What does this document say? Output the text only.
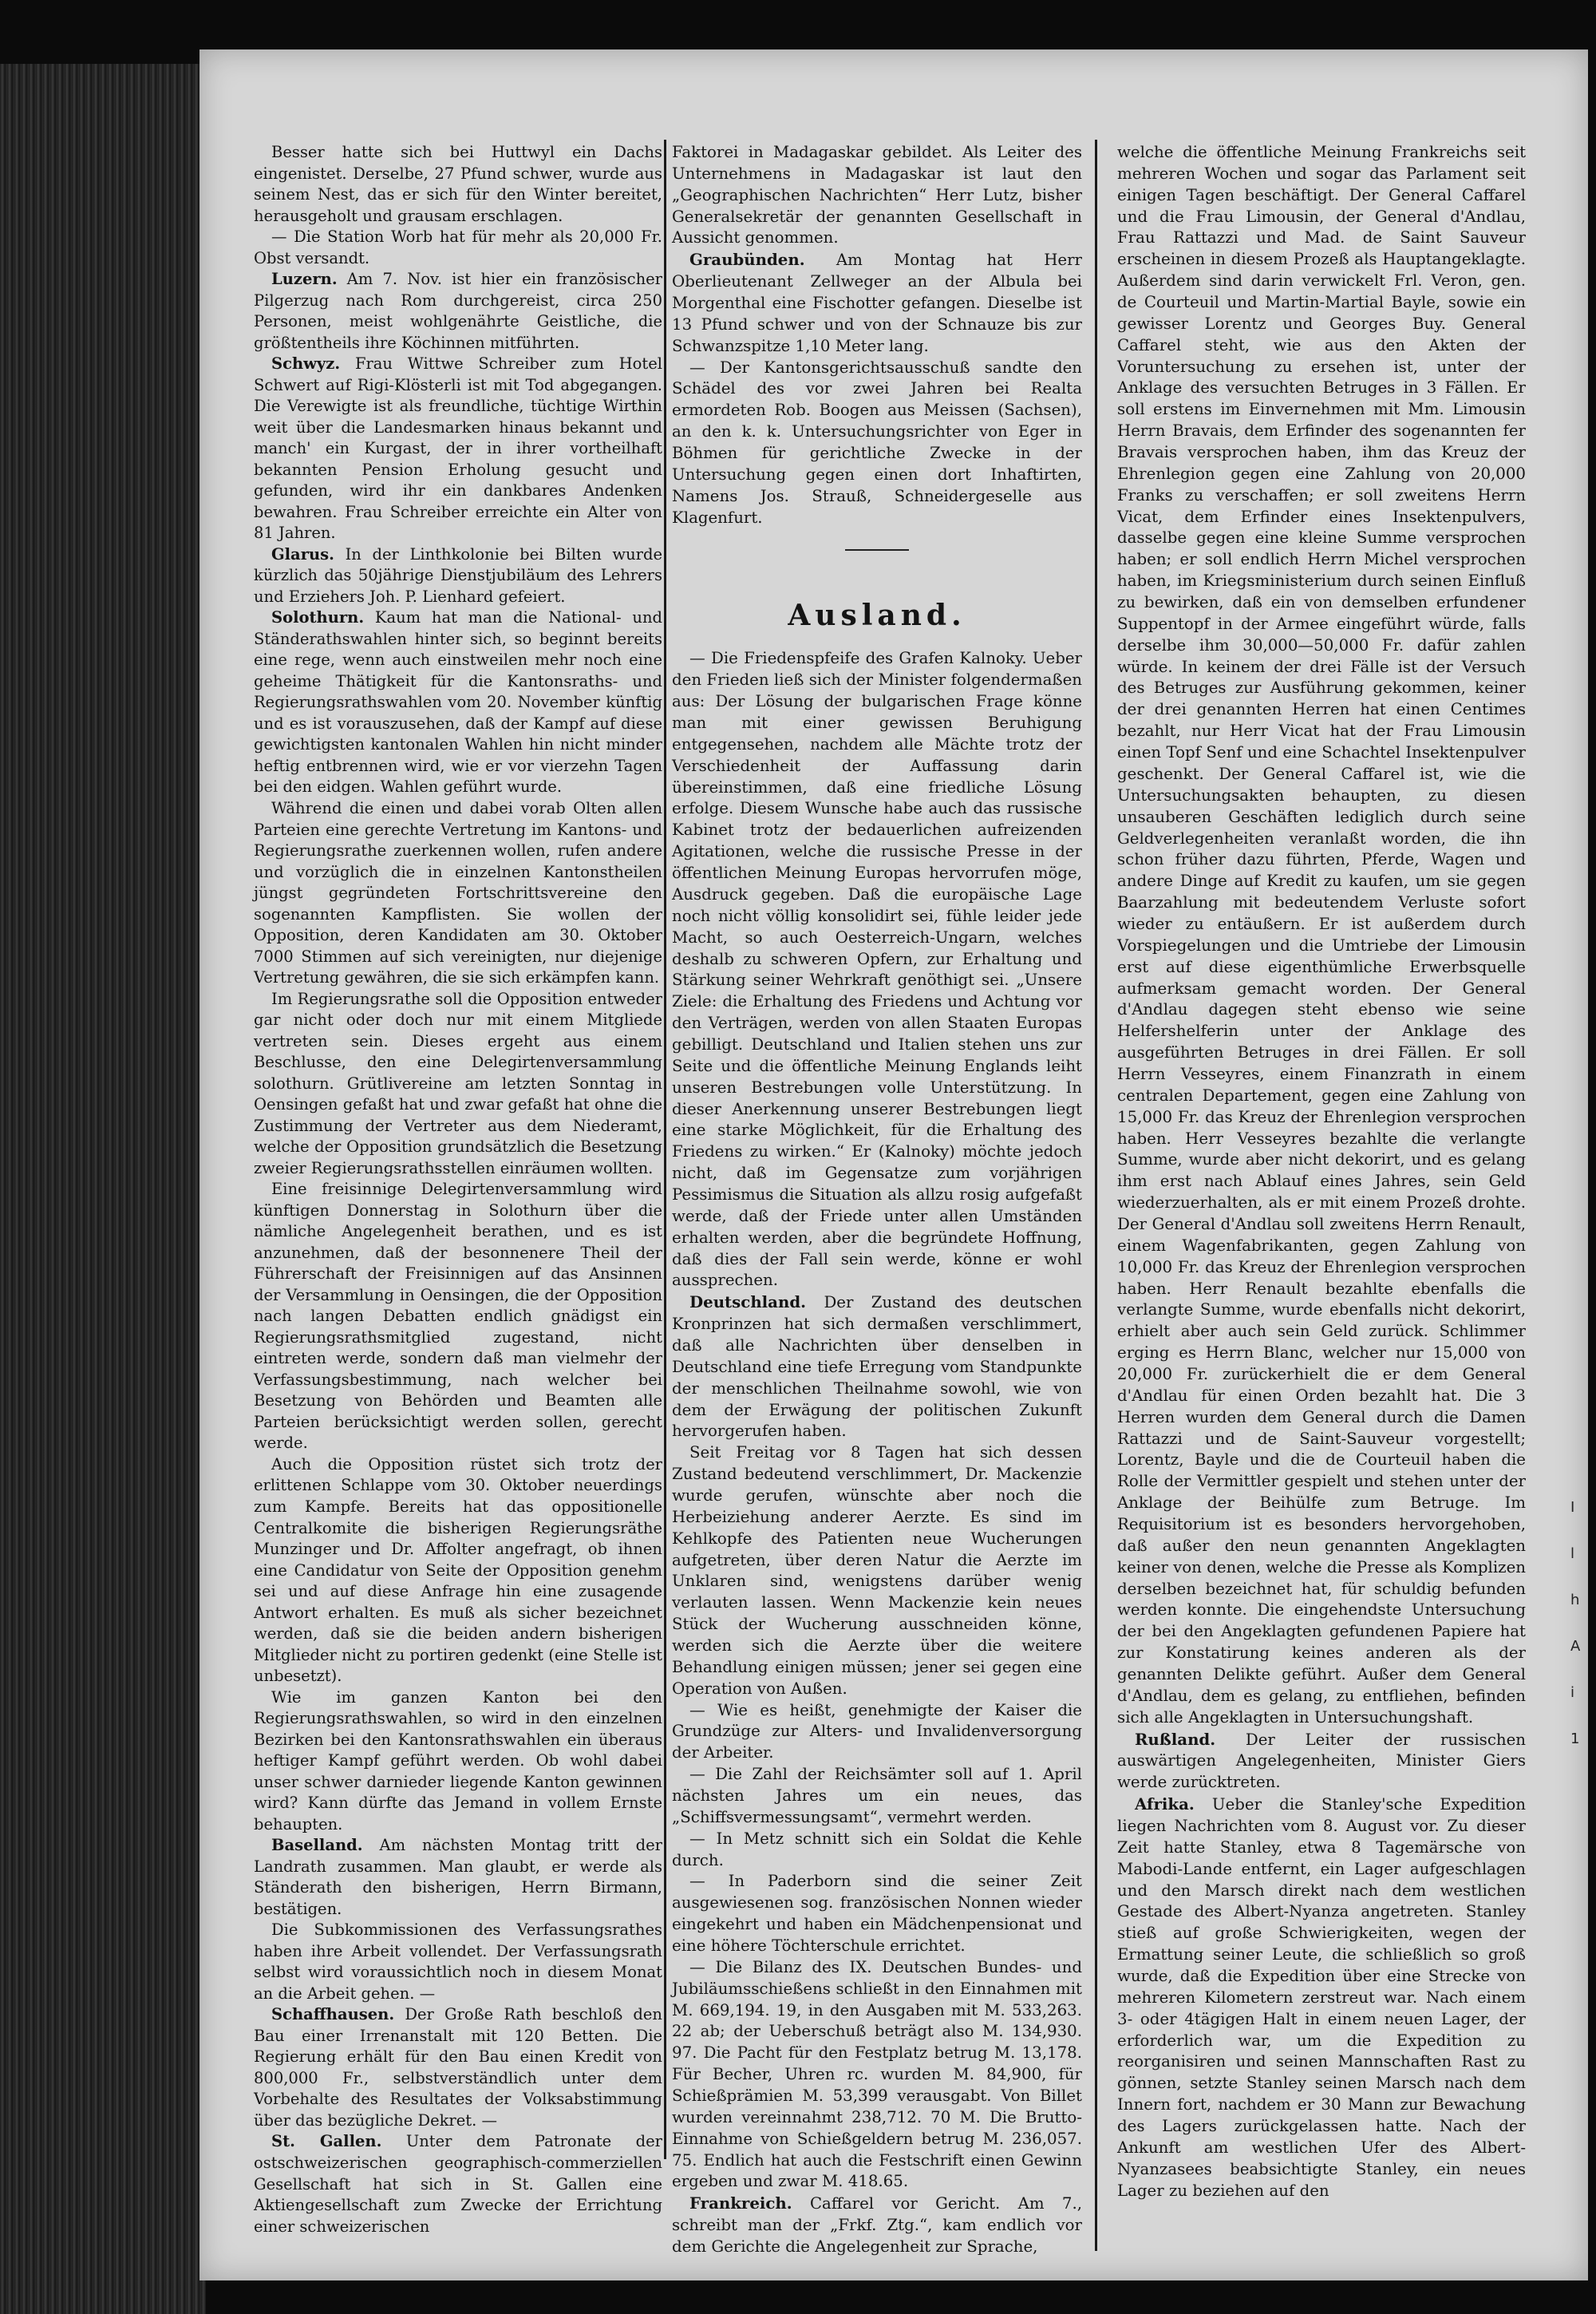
Besser hatte sich bei Huttwyl ein Dachs eingenistet. Derselbe, 27 Pfund schwer, wurde aus seinem Nest, das er sich für den Winter bereitet, herausgeholt und grausam erschlagen.

— Die Station Worb hat für mehr als 20,000 Fr. Obst versandt.

Luzern. Am 7. Nov. ist hier ein französischer Pilgerzug nach Rom durchgereist, circa 250 Personen, meist wohlgenährte Geistliche, die größtentheils ihre Köchinnen mitführten.

Schwyz. Frau Wittwe Schreiber zum Hotel Schwert auf Rigi-Klösterli ist mit Tod abgegangen. Die Verewigte ist als freundliche, tüchtige Wirthin weit über die Landesmarken hinaus bekannt und manch' ein Kurgast, der in ihrer vortheilhaft bekannten Pension Erholung gesucht und gefunden, wird ihr ein dankbares Andenken bewahren. Frau Schreiber erreichte ein Alter von 81 Jahren.

Glarus. In der Linthkolonie bei Bilten wurde kürzlich das 50jährige Dienstjubiläum des Lehrers und Erziehers Joh. P. Lienhard gefeiert.

Solothurn. Kaum hat man die National- und Ständerathswahlen hinter sich, so beginnt bereits eine rege, wenn auch einstweilen mehr noch eine geheime Thätigkeit für die Kantonsraths- und Regierungsrathswahlen vom 20. November künftig und es ist vorauszusehen, daß der Kampf auf diese gewichtigsten kantonalen Wahlen hin nicht minder heftig entbrennen wird, wie er vor vierzehn Tagen bei den eidgen. Wahlen geführt wurde.

Während die einen und dabei vorab Olten allen Parteien eine gerechte Vertretung im Kantons- und Regierungsrathe zuerkennen wollen, rufen andere und vorzüglich die in einzelnen Kantonstheilen jüngst gegründeten Fortschrittsvereine den sogenannten Kampflisten. Sie wollen der Opposition, deren Kandidaten am 30. Oktober 7000 Stimmen auf sich vereinigten, nur diejenige Vertretung gewähren, die sie sich erkämpfen kann.

Im Regierungsrathe soll die Opposition entweder gar nicht oder doch nur mit einem Mitgliede vertreten sein. Dieses ergeht aus einem Beschlusse, den eine Delegirtenversammlung solothurn. Grütlivereine am letzten Sonntag in Oensingen gefaßt hat und zwar gefaßt hat ohne die Zustimmung der Vertreter aus dem Niederamt, welche der Opposition grundsätzlich die Besetzung zweier Regierungsrathsstellen einräumen wollten.

Eine freisinnige Delegirtenversammlung wird künftigen Donnerstag in Solothurn über die nämliche Angelegenheit berathen, und es ist anzunehmen, daß der besonnenere Theil der Führerschaft der Freisinnigen auf das Ansinnen der Versammlung in Oensingen, die der Opposition nach langen Debatten endlich gnädigst ein Regierungsrathsmitglied zugestand, nicht eintreten werde, sondern daß man vielmehr der Verfassungsbestimmung, nach welcher bei Besetzung von Behörden und Beamten alle Parteien berücksichtigt werden sollen, gerecht werde.

Auch die Opposition rüstet sich trotz der erlittenen Schlappe vom 30. Oktober neuerdings zum Kampfe. Bereits hat das oppositionelle Centralkomite die bisherigen Regierungsräthe Munzinger und Dr. Affolter angefragt, ob ihnen eine Candidatur von Seite der Opposition genehm sei und auf diese Anfrage hin eine zusagende Antwort erhalten. Es muß als sicher bezeichnet werden, daß sie die beiden andern bisherigen Mitglieder nicht zu portiren gedenkt (eine Stelle ist unbesetzt).

Wie im ganzen Kanton bei den Regierungsrathswahlen, so wird in den einzelnen Bezirken bei den Kantonsrathswahlen ein überaus heftiger Kampf geführt werden. Ob wohl dabei unser schwer darnieder liegende Kanton gewinnen wird? Kann dürfte das Jemand in vollem Ernste behaupten.

Baselland. Am nächsten Montag tritt der Landrath zusammen. Man glaubt, er werde als Ständerath den bisherigen, Herrn Birmann, bestätigen.

Die Subkommissionen des Verfassungsrathes haben ihre Arbeit vollendet. Der Verfassungsrath selbst wird voraussichtlich noch in diesem Monat an die Arbeit gehen. —

Schaffhausen. Der Große Rath beschloß den Bau einer Irrenanstalt mit 120 Betten. Die Regierung erhält für den Bau einen Kredit von 800,000 Fr., selbstverständlich unter dem Vorbehalte des Resultates der Volksabstimmung über das bezügliche Dekret. —

St. Gallen. Unter dem Patronate der ostschweizerischen geographisch-commerziellen Gesellschaft hat sich in St. Gallen eine Aktiengesellschaft zum Zwecke der Errichtung einer schweizerischen

Faktorei in Madagaskar gebildet. Als Leiter des Unternehmens in Madagaskar ist laut den „Geographischen Nachrichten“ Herr Lutz, bisher Generalsekretär der genannten Gesellschaft in Aussicht genommen.

Graubünden. Am Montag hat Herr Oberlieutenant Zellweger an der Albula bei Morgenthal eine Fischotter gefangen. Dieselbe ist 13 Pfund schwer und von der Schnauze bis zur Schwanzspitze 1,10 Meter lang.

— Der Kantonsgerichtsausschuß sandte den Schädel des vor zwei Jahren bei Realta ermordeten Rob. Boogen aus Meissen (Sachsen), an den k. k. Untersuchungsrichter von Eger in Böhmen für gerichtliche Zwecke in der Untersuchung gegen einen dort Inhaftirten, Namens Jos. Strauß, Schneidergeselle aus Klagenfurt.

Ausland.

— Die Friedenspfeife des Grafen Kalnoky. Ueber den Frieden ließ sich der Minister folgendermaßen aus: Der Lösung der bulgarischen Frage könne man mit einer gewissen Beruhigung entgegensehen, nachdem alle Mächte trotz der Verschiedenheit der Auffassung darin übereinstimmen, daß eine friedliche Lösung erfolge. Diesem Wunsche habe auch das russische Kabinet trotz der bedauerlichen aufreizenden Agitationen, welche die russische Presse in der öffentlichen Meinung Europas hervorrufen möge, Ausdruck gegeben. Daß die europäische Lage noch nicht völlig konsolidirt sei, fühle leider jede Macht, so auch Oesterreich-Ungarn, welches deshalb zu schweren Opfern, zur Erhaltung und Stärkung seiner Wehrkraft genöthigt sei. „Unsere Ziele: die Erhaltung des Friedens und Achtung vor den Verträgen, werden von allen Staaten Europas gebilligt. Deutschland und Italien stehen uns zur Seite und die öffentliche Meinung Englands leiht unseren Bestrebungen volle Unterstützung. In dieser Anerkennung unserer Bestrebungen liegt eine starke Möglichkeit, für die Erhaltung des Friedens zu wirken.“ Er (Kalnoky) möchte jedoch nicht, daß im Gegensatze zum vorjährigen Pessimismus die Situation als allzu rosig aufgefaßt werde, daß der Friede unter allen Umständen erhalten werden, aber die begründete Hoffnung, daß dies der Fall sein werde, könne er wohl aussprechen.

Deutschland. Der Zustand des deutschen Kronprinzen hat sich dermaßen verschlimmert, daß alle Nachrichten über denselben in Deutschland eine tiefe Erregung vom Standpunkte der menschlichen Theilnahme sowohl, wie von dem der Erwägung der politischen Zukunft hervorgerufen haben.

Seit Freitag vor 8 Tagen hat sich dessen Zustand bedeutend verschlimmert, Dr. Mackenzie wurde gerufen, wünschte aber noch die Herbeiziehung anderer Aerzte. Es sind im Kehlkopfe des Patienten neue Wucherungen aufgetreten, über deren Natur die Aerzte im Unklaren sind, wenigstens darüber wenig verlauten lassen. Wenn Mackenzie kein neues Stück der Wucherung ausschneiden könne, werden sich die Aerzte über die weitere Behandlung einigen müssen; jener sei gegen eine Operation von Außen.

— Wie es heißt, genehmigte der Kaiser die Grundzüge zur Alters- und Invalidenversorgung der Arbeiter.

— Die Zahl der Reichsämter soll auf 1. April nächsten Jahres um ein neues, das „Schiffsvermessungsamt“, vermehrt werden.

— In Metz schnitt sich ein Soldat die Kehle durch.

— In Paderborn sind die seiner Zeit ausgewiesenen sog. französischen Nonnen wieder eingekehrt und haben ein Mädchenpensionat und eine höhere Töchterschule errichtet.

— Die Bilanz des IX. Deutschen Bundes- und Jubiläumsschießens schließt in den Einnahmen mit M. 669,194. 19, in den Ausgaben mit M. 533,263. 22 ab; der Ueberschuß beträgt also M. 134,930. 97. Die Pacht für den Festplatz betrug M. 13,178. Für Becher, Uhren rc. wurden M. 84,900, für Schießprämien M. 53,399 verausgabt. Von Billet wurden vereinnahmt 238,712. 70 M. Die Brutto-Einnahme von Schießgeldern betrug M. 236,057. 75. Endlich hat auch die Festschrift einen Gewinn ergeben und zwar M. 418.65.

Frankreich. Caffarel vor Gericht. Am 7., schreibt man der „Frkf. Ztg.“, kam endlich vor dem Gerichte die Angelegenheit zur Sprache,

welche die öffentliche Meinung Frankreichs seit mehreren Wochen und sogar das Parlament seit einigen Tagen beschäftigt. Der General Caffarel und die Frau Limousin, der General d'Andlau, Frau Rattazzi und Mad. de Saint Sauveur erscheinen in diesem Prozeß als Hauptangeklagte. Außerdem sind darin verwickelt Frl. Veron, gen. de Courteuil und Martin-Martial Bayle, sowie ein gewisser Lorentz und Georges Buy. General Caffarel steht, wie aus den Akten der Voruntersuchung zu ersehen ist, unter der Anklage des versuchten Betruges in 3 Fällen. Er soll erstens im Einvernehmen mit Mm. Limousin Herrn Bravais, dem Erfinder des sogenannten fer Bravais versprochen haben, ihm das Kreuz der Ehrenlegion gegen eine Zahlung von 20,000 Franks zu verschaffen; er soll zweitens Herrn Vicat, dem Erfinder eines Insektenpulvers, dasselbe gegen eine kleine Summe versprochen haben; er soll endlich Herrn Michel versprochen haben, im Kriegsministerium durch seinen Einfluß zu bewirken, daß ein von demselben erfundener Suppentopf in der Armee eingeführt würde, falls derselbe ihm 30,000—50,000 Fr. dafür zahlen würde. In keinem der drei Fälle ist der Versuch des Betruges zur Ausführung gekommen, keiner der drei genannten Herren hat einen Centimes bezahlt, nur Herr Vicat hat der Frau Limousin einen Topf Senf und eine Schachtel Insektenpulver geschenkt. Der General Caffarel ist, wie die Untersuchungsakten behaupten, zu diesen unsauberen Geschäften lediglich durch seine Geldverlegenheiten veranlaßt worden, die ihn schon früher dazu führten, Pferde, Wagen und andere Dinge auf Kredit zu kaufen, um sie gegen Baarzahlung mit bedeutendem Verluste sofort wieder zu entäußern. Er ist außerdem durch Vorspiegelungen und die Umtriebe der Limousin erst auf diese eigenthümliche Erwerbsquelle aufmerksam gemacht worden. Der General d'Andlau dagegen steht ebenso wie seine Helfershelferin unter der Anklage des ausgeführten Betruges in drei Fällen. Er soll Herrn Vesseyres, einem Finanzrath in einem centralen Departement, gegen eine Zahlung von 15,000 Fr. das Kreuz der Ehrenlegion versprochen haben. Herr Vesseyres bezahlte die verlangte Summe, wurde aber nicht dekorirt, und es gelang ihm erst nach Ablauf eines Jahres, sein Geld wiederzuerhalten, als er mit einem Prozeß drohte. Der General d'Andlau soll zweitens Herrn Renault, einem Wagenfabrikanten, gegen Zahlung von 10,000 Fr. das Kreuz der Ehrenlegion versprochen haben. Herr Renault bezahlte ebenfalls die verlangte Summe, wurde ebenfalls nicht dekorirt, erhielt aber auch sein Geld zurück. Schlimmer erging es Herrn Blanc, welcher nur 15,000 von 20,000 Fr. zurückerhielt die er dem General d'Andlau für einen Orden bezahlt hat. Die 3 Herren wurden dem General durch die Damen Rattazzi und de Saint-Sauveur vorgestellt; Lorentz, Bayle und die de Courteuil haben die Rolle der Vermittler gespielt und stehen unter der Anklage der Beihülfe zum Betruge. Im Requisitorium ist es besonders hervorgehoben, daß außer den neun genannten Angeklagten keiner von denen, welche die Presse als Komplizen derselben bezeichnet hat, für schuldig befunden werden konnte. Die eingehendste Untersuchung der bei den Angeklagten gefundenen Papiere hat zur Konstatirung keines anderen als der genannten Delikte geführt. Außer dem General d'Andlau, dem es gelang, zu entfliehen, befinden sich alle Angeklagten in Untersuchungshaft.

Rußland. Der Leiter der russischen auswärtigen Angelegenheiten, Minister Giers werde zurücktreten.

Afrika. Ueber die Stanley'sche Expedition liegen Nachrichten vom 8. August vor. Zu dieser Zeit hatte Stanley, etwa 8 Tagemärsche von Mabodi-Lande entfernt, ein Lager aufgeschlagen und den Marsch direkt nach dem westlichen Gestade des Albert-Nyanza angetreten. Stanley stieß auf große Schwierigkeiten, wegen der Ermattung seiner Leute, die schließlich so groß wurde, daß die Expedition über eine Strecke von mehreren Kilometern zerstreut war. Nach einem 3- oder 4tägigen Halt in einem neuen Lager, der erforderlich war, um die Expedition zu reorganisiren und seinen Mannschaften Rast zu gönnen, setzte Stanley seinen Marsch nach dem Innern fort, nachdem er 30 Mann zur Bewachung des Lagers zurückgelassen hatte. Nach der Ankunft am westlichen Ufer des Albert-Nyanzasees beabsichtigte Stanley, ein neues Lager zu beziehen auf den

I
l
h
A
i
1
